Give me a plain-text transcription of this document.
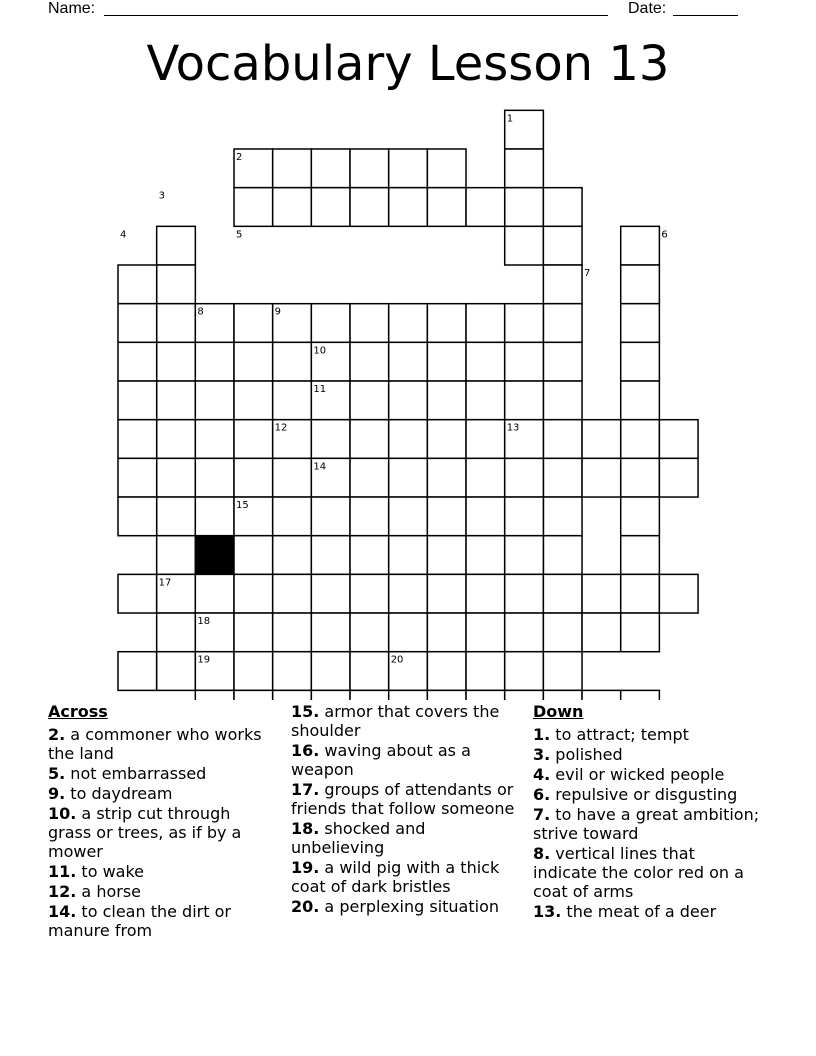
Name:	Date:
Vocabulary Lesson 13
1
2
3
4	5	6
7
8	9
10
11
12	13
14
15
16
17
18
19	20
Across
2. a commoner who works the land
5. not embarrassed
9. to daydream
10. a strip cut through grass or trees, as if by a mower
11. to wake
12. a horse
14. to clean the dirt or manure from
15. armor that covers the shoulder
16. waving about as a weapon
17. groups of attendants or friends that follow someone
18. shocked and unbelieving
19. a wild pig with a thick coat of dark bristles
20. a perplexing situation
Down
1. to attract; tempt
3. polished
4. evil or wicked people
6. repulsive or disgusting
7. to have a great ambition; strive toward
8. vertical lines that indicate the color red on a coat of arms
13. the meat of a deer
